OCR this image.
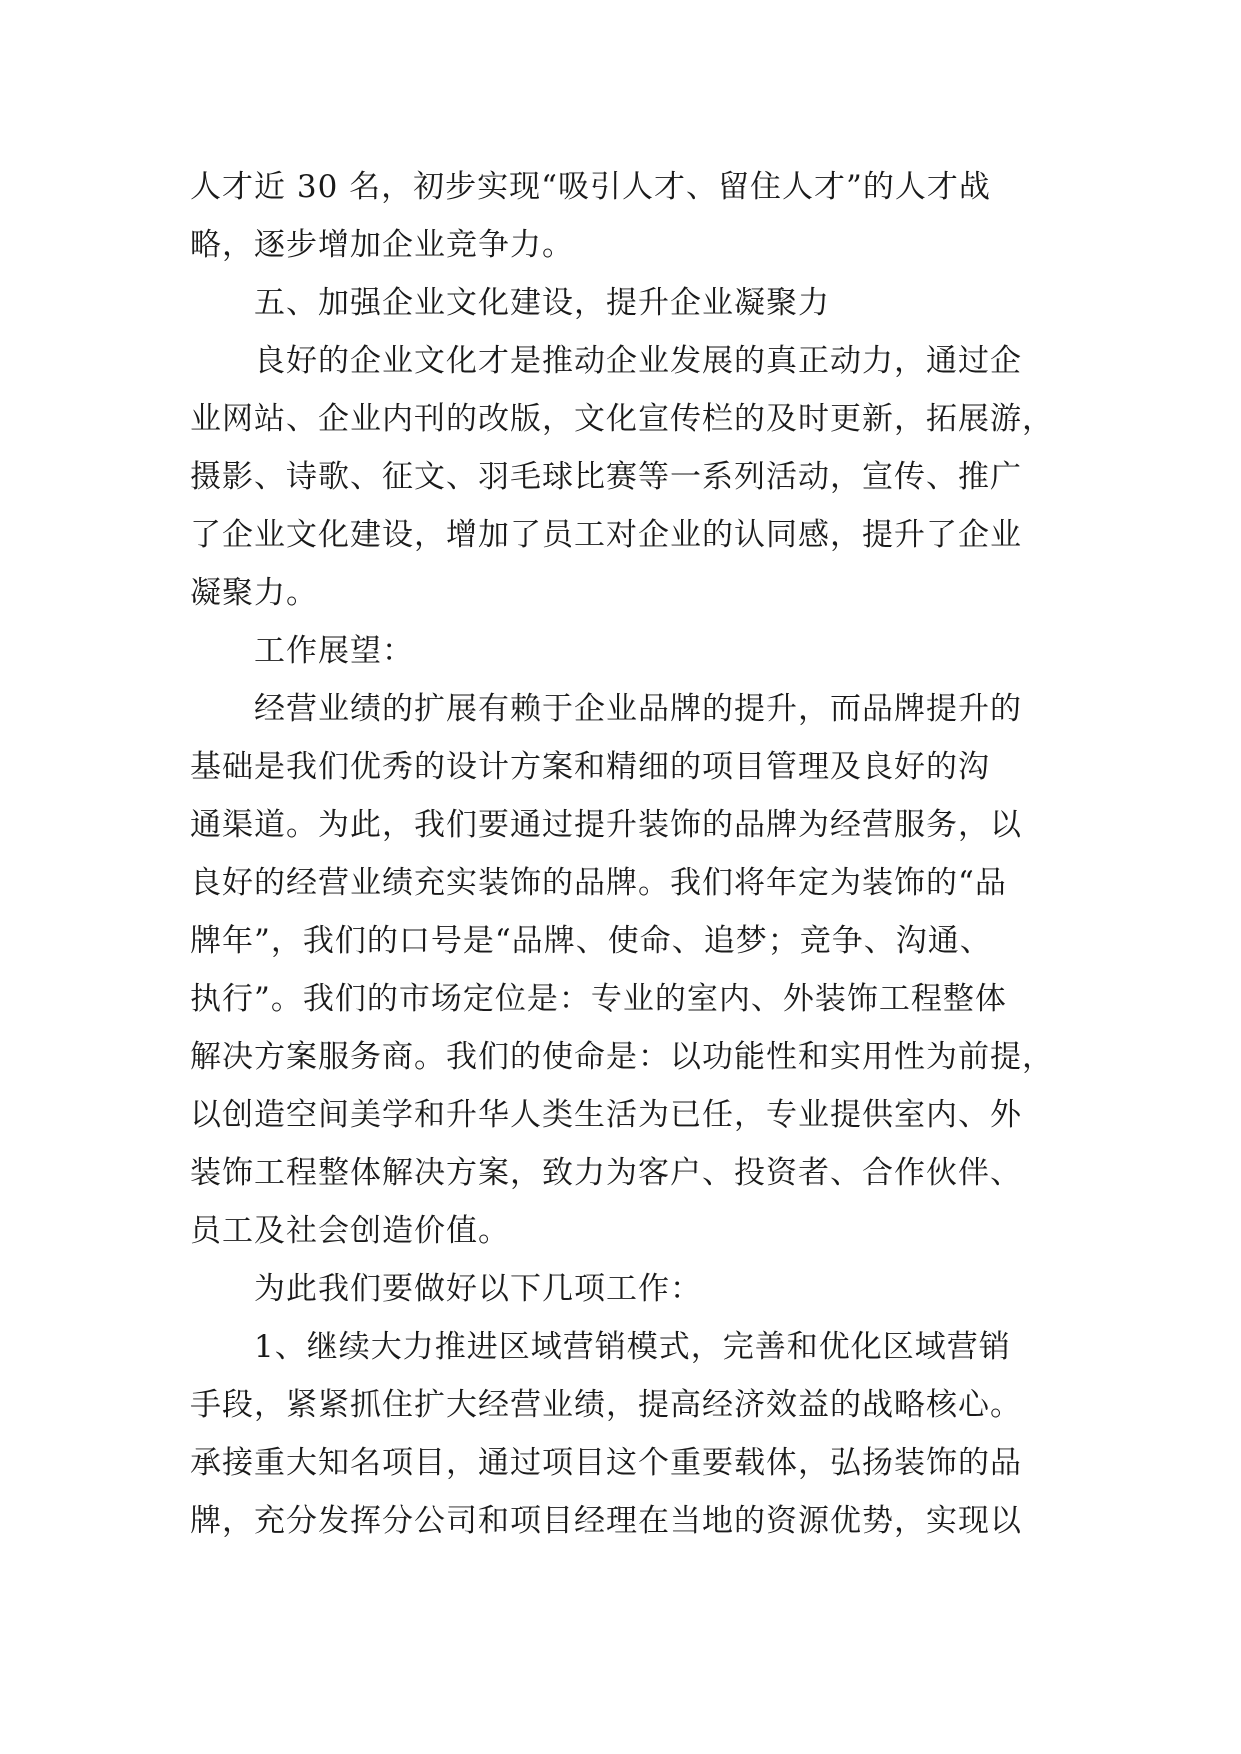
人才近 30 名，初步实现“吸引人才、留住人才”的人才战
略，逐步增加企业竞争力。
五、加强企业文化建设，提升企业凝聚力
良好的企业文化才是推动企业发展的真正动力，通过企
业网站、企业内刊的改版，文化宣传栏的及时更新，拓展游，
摄影、诗歌、征文、羽毛球比赛等一系列活动，宣传、推广
了企业文化建设，增加了员工对企业的认同感，提升了企业
凝聚力。
工作展望：
经营业绩的扩展有赖于企业品牌的提升，而品牌提升的
基础是我们优秀的设计方案和精细的项目管理及良好的沟
通渠道。为此，我们要通过提升装饰的品牌为经营服务，以
良好的经营业绩充实装饰的品牌。我们将年定为装饰的“品
牌年”，我们的口号是“品牌、使命、追梦；竞争、沟通、
执行”。我们的市场定位是：专业的室内、外装饰工程整体
解决方案服务商。我们的使命是：以功能性和实用性为前提，
以创造空间美学和升华人类生活为已任，专业提供室内、外
装饰工程整体解决方案，致力为客户、投资者、合作伙伴、
员工及社会创造价值。
为此我们要做好以下几项工作：
1、继续大力推进区域营销模式，完善和优化区域营销
手段，紧紧抓住扩大经营业绩，提高经济效益的战略核心。
承接重大知名项目，通过项目这个重要载体，弘扬装饰的品
牌，充分发挥分公司和项目经理在当地的资源优势，实现以
